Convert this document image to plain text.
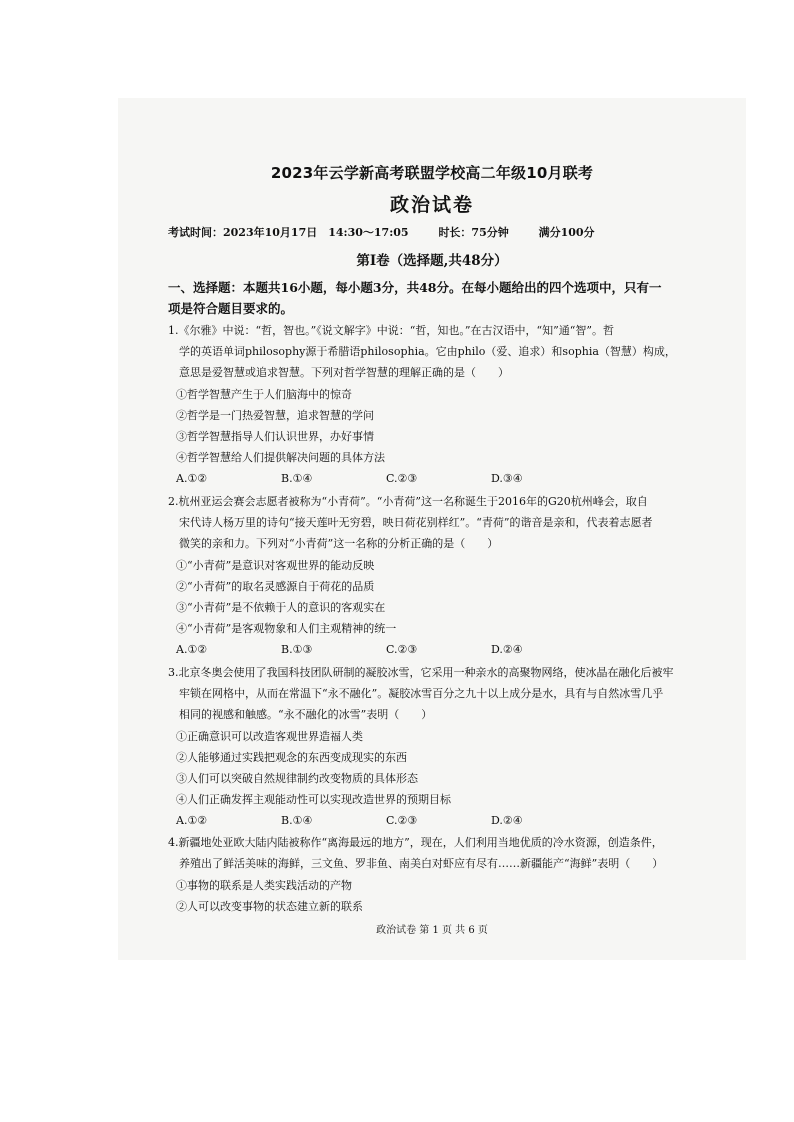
2023年云学新高考联盟学校高二年级10月联考
政治试卷
考试时间：2023年10月17日　14:30～17:05	时长：75分钟	满分100分
第Ⅰ卷（选择题,共48分）
一、选择题：本题共16小题，每小题3分，共48分。在每小题给出的四个选项中，只有一
项是符合题目要求的。
1.《尔雅》中说：“哲，智也。”《说文解字》中说：“哲，知也。”在古汉语中，“知”通“智”。哲
学的英语单词philosophy源于希腊语philosophia。它由philo（爱、追求）和sophia（智慧）构成，
意思是爱智慧或追求智慧。下列对哲学智慧的理解正确的是（　　）
①哲学智慧产生于人们脑海中的惊奇
②哲学是一门热爱智慧，追求智慧的学问
③哲学智慧指导人们认识世界，办好事情
④哲学智慧给人们提供解决问题的具体方法
A.①②	B.①④	C.②③	D.③④
2.杭州亚运会赛会志愿者被称为“小青荷”。“小青荷”这一名称诞生于2016年的G20杭州峰会，取自
宋代诗人杨万里的诗句“接天莲叶无穷碧，映日荷花别样红”。“青荷”的谐音是亲和，代表着志愿者
微笑的亲和力。下列对“小青荷”这一名称的分析正确的是（　　）
①“小青荷”是意识对客观世界的能动反映
②“小青荷”的取名灵感源自于荷花的品质
③“小青荷”是不依赖于人的意识的客观实在
④“小青荷”是客观物象和人们主观精神的统一
A.①②	B.①③	C.②③	D.②④
3.北京冬奥会使用了我国科技团队研制的凝胶冰雪，它采用一种亲水的高聚物网络，使冰晶在融化后被牢
牢锁在网格中，从而在常温下“永不融化”。凝胶冰雪百分之九十以上成分是水，具有与自然冰雪几乎
相同的视感和触感。“永不融化的冰雪”表明（　　）
①正确意识可以改造客观世界造福人类
②人能够通过实践把观念的东西变成现实的东西
③人们可以突破自然规律制约改变物质的具体形态
④人们正确发挥主观能动性可以实现改造世界的预期目标
A.①②	B.①④	C.②③	D.②④
4.新疆地处亚欧大陆内陆被称作“离海最远的地方”，现在，人们利用当地优质的冷水资源，创造条件，
养殖出了鲜活美味的海鲜，三文鱼、罗非鱼、南美白对虾应有尽有……新疆能产“海鲜”表明（　　）
①事物的联系是人类实践活动的产物
②人可以改变事物的状态建立新的联系
政治试卷 第 1 页 共 6 页
